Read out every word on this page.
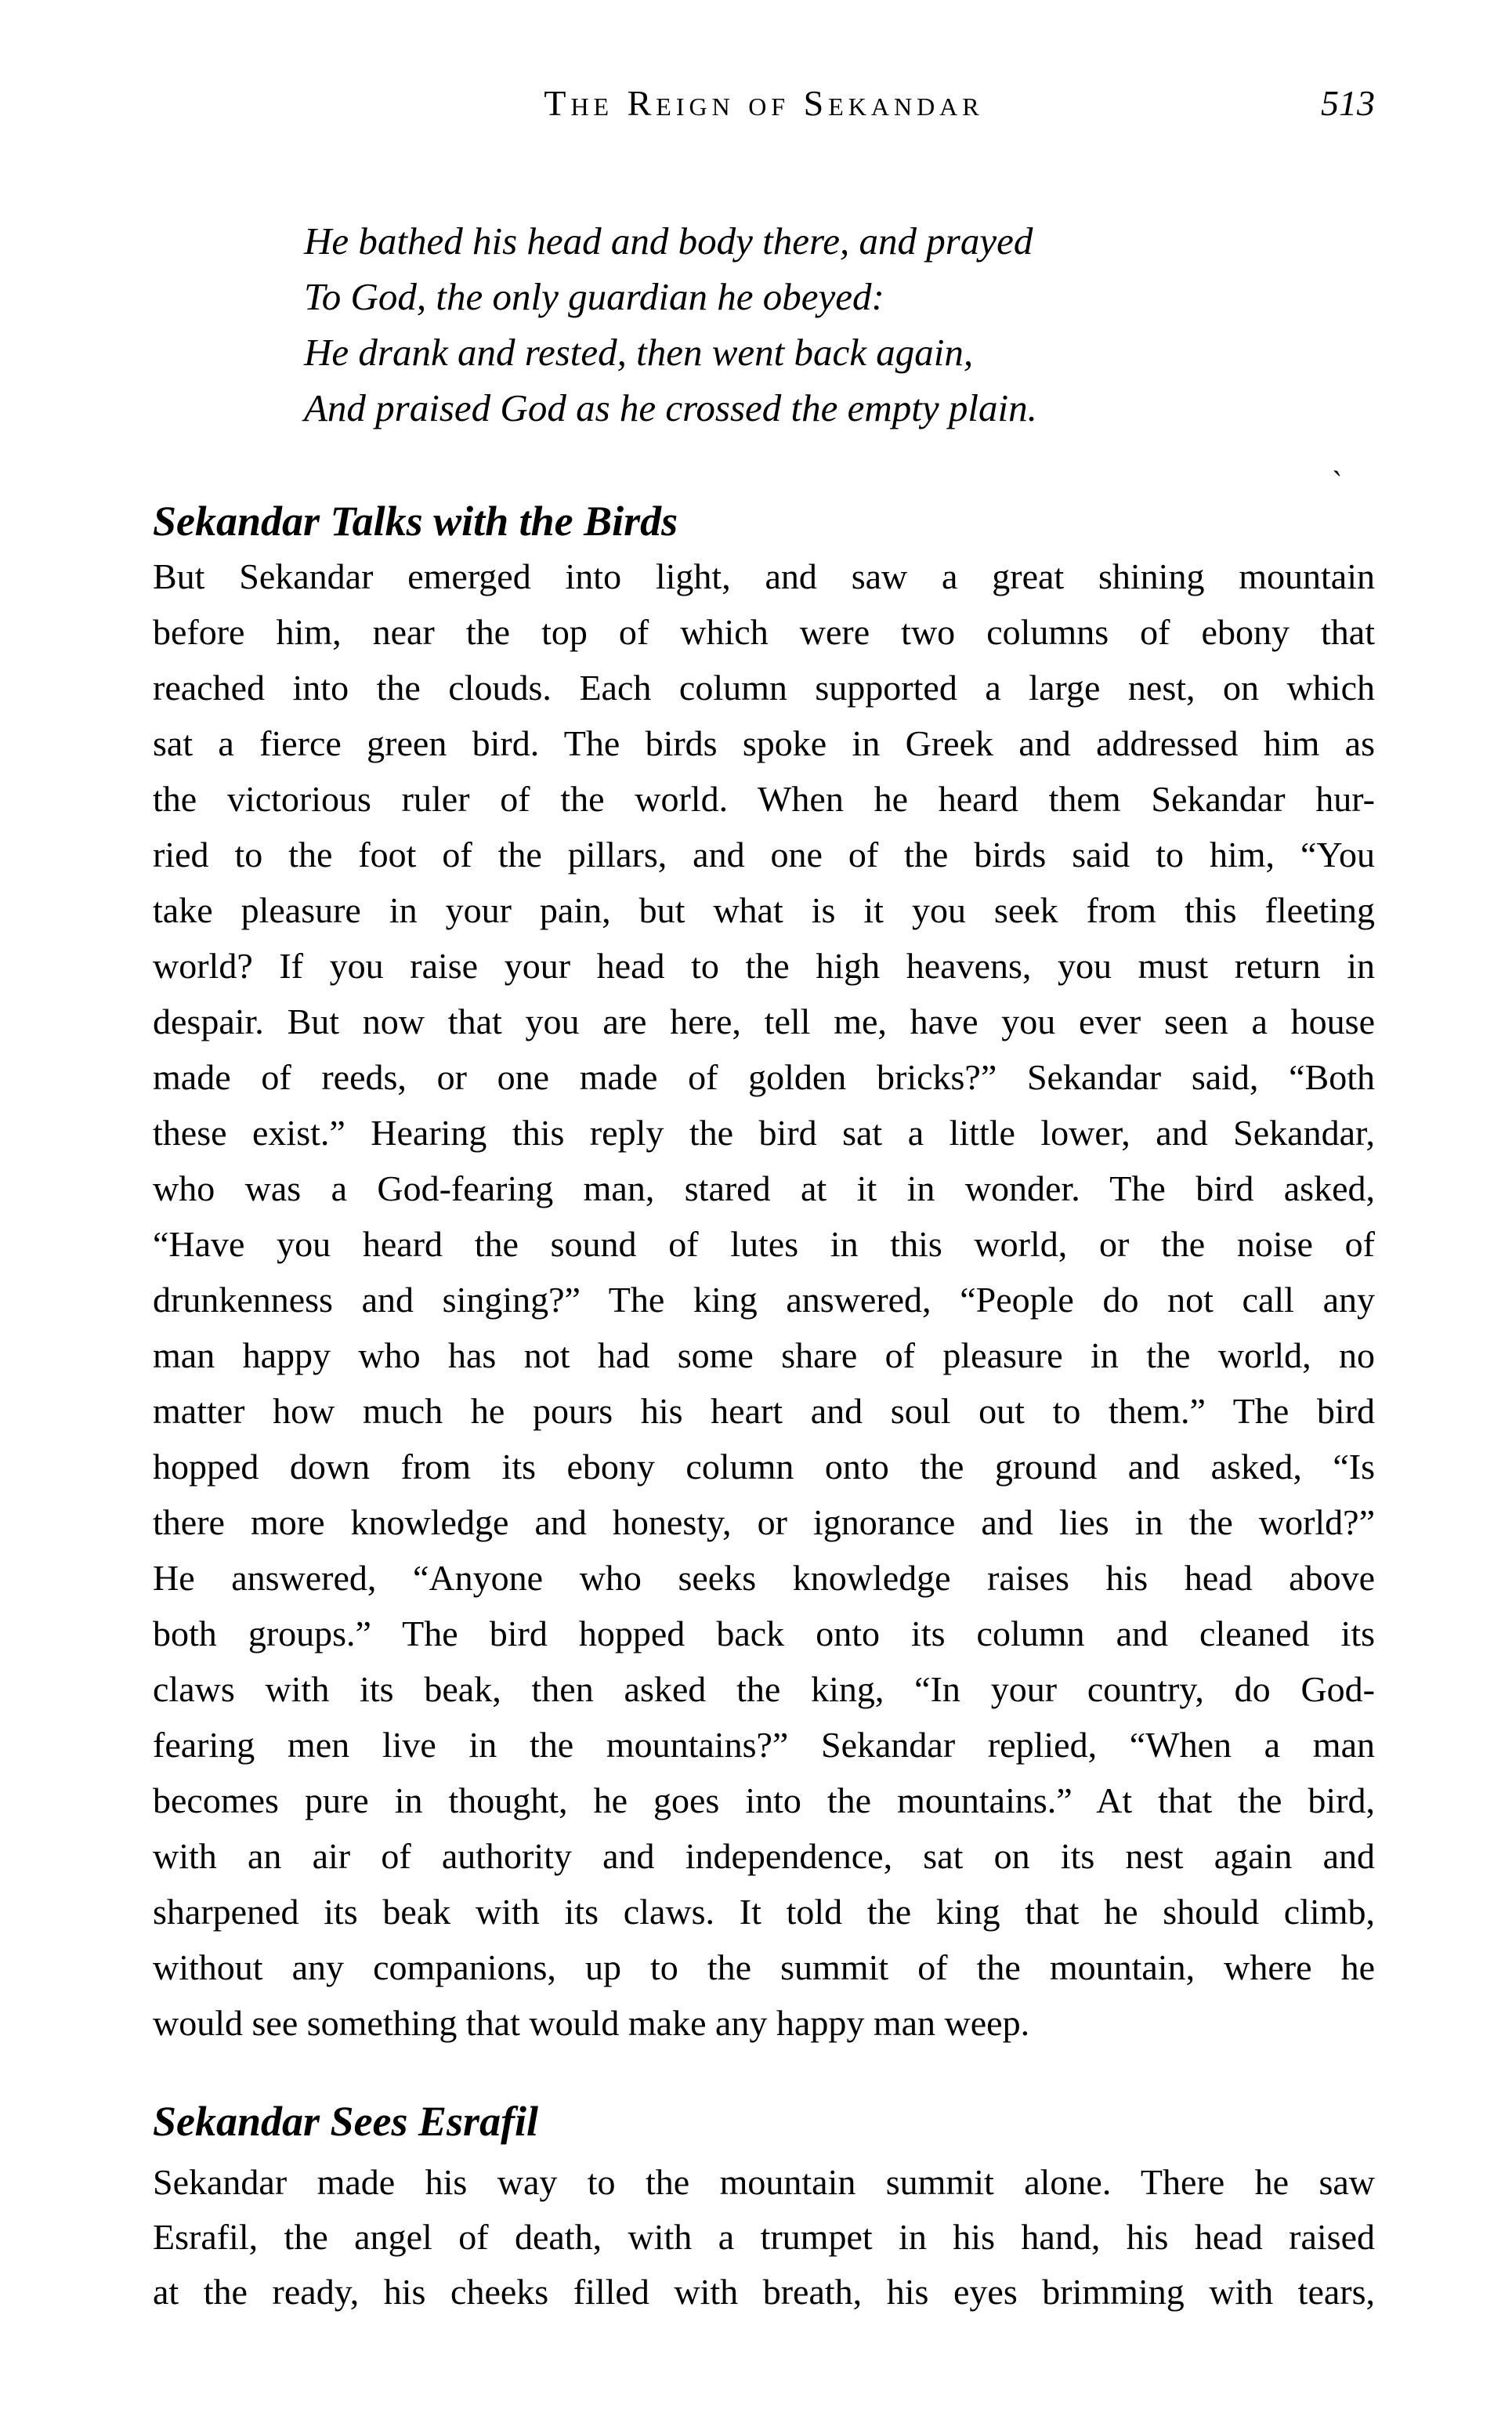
The Reign of Sekandar	513
He bathed his head and body there, and prayed
To God, the only guardian he obeyed:
He drank and rested, then went back again,
And praised God as he crossed the empty plain.
ˋ
Sekandar Talks with the Birds
But Sekandar emerged into light, and saw a great shining mountain
before him, near the top of which were two columns of ebony that
reached into the clouds. Each column supported a large nest, on which
sat a fierce green bird. The birds spoke in Greek and addressed him as
the victorious ruler of the world. When he heard them Sekandar hur-
ried to the foot of the pillars, and one of the birds said to him, “You
take pleasure in your pain, but what is it you seek from this fleeting
world? If you raise your head to the high heavens, you must return in
despair. But now that you are here, tell me, have you ever seen a house
made of reeds, or one made of golden bricks?” Sekandar said, “Both
these exist.” Hearing this reply the bird sat a little lower, and Sekandar,
who was a God-fearing man, stared at it in wonder. The bird asked,
“Have you heard the sound of lutes in this world, or the noise of
drunkenness and singing?” The king answered, “People do not call any
man happy who has not had some share of pleasure in the world, no
matter how much he pours his heart and soul out to them.” The bird
hopped down from its ebony column onto the ground and asked, “Is
there more knowledge and honesty, or ignorance and lies in the world?”
He answered, “Anyone who seeks knowledge raises his head above
both groups.” The bird hopped back onto its column and cleaned its
claws with its beak, then asked the king, “In your country, do God-
fearing men live in the mountains?” Sekandar replied, “When a man
becomes pure in thought, he goes into the mountains.” At that the bird,
with an air of authority and independence, sat on its nest again and
sharpened its beak with its claws. It told the king that he should climb,
without any companions, up to the summit of the mountain, where he
would see something that would make any happy man weep.
Sekandar Sees Esrafil
Sekandar made his way to the mountain summit alone. There he saw
Esrafil, the angel of death, with a trumpet in his hand, his head raised
at the ready, his cheeks filled with breath, his eyes brimming with tears,
